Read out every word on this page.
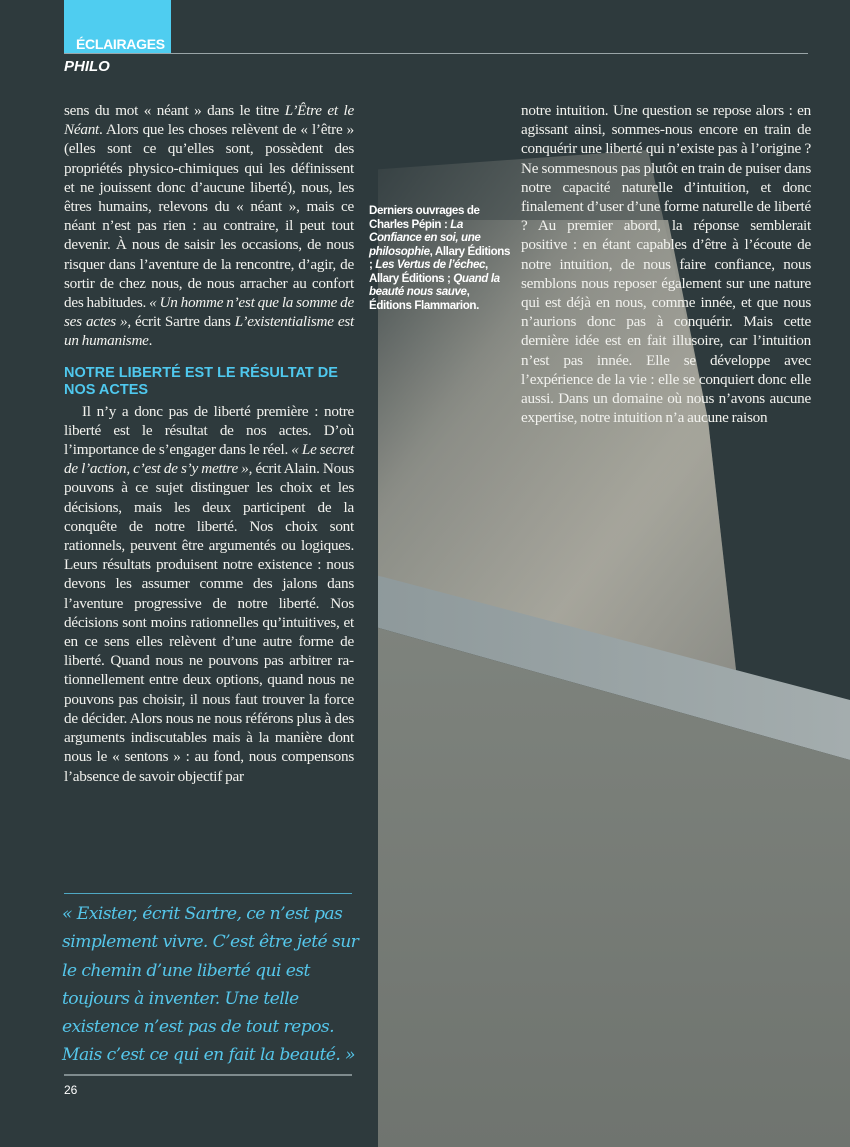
ÉCLAIRAGES
PHILO

sens du mot « néant » dans le titre L’Être et le Néant. Alors que les choses relèvent de « l’être » (elles sont ce qu’elles sont, possèdent des propriétés physico-chimiques qui les définissent et ne jouissent donc d’aucune liberté), nous, les êtres humains, relevons du « néant », mais ce néant n’est pas rien : au contraire, il peut tout devenir. À nous de saisir les occasions, de nous risquer dans l’aventure de la rencontre, d’agir, de sortir de chez nous, de nous arracher au confort des habitudes. « Un homme n’est que la somme de ses actes », écrit Sartre dans L’existentialisme est un humanisme.

NOTRE LIBERTÉ EST LE RÉSULTAT DE NOS ACTES

Il n’y a donc pas de liberté première : notre liberté est le résultat de nos actes. D’où l’importance de s’engager dans le réel. « Le secret de l’action, c’est de s’y mettre », écrit Alain. Nous pouvons à ce sujet distinguer les choix et les décisions, mais les deux participent de la conquête de notre liberté. Nos choix sont rationnels, peuvent être argumentés ou logiques. Leurs résultats produisent notre existence : nous devons les assumer comme des jalons dans l’aventure progressive de notre liberté. Nos décisions sont moins rationnelles qu’intuitives, et en ce sens elles relèvent d’une autre forme de liberté. Quand nous ne pouvons pas arbitrer rationnellement entre deux options, quand nous ne pouvons pas choisir, il nous faut trouver la force de décider. Alors nous ne nous référons plus à des arguments indiscutables mais à la manière dont nous le « sentons » : au fond, nous compensons l’absence de savoir objectif par

Derniers ouvrages de Charles Pépin : La Confiance en soi, une philosophie, Allary Éditions ; Les Vertus de l’échec, Allary Éditions ; Quand la beauté nous sauve, Éditions Flammarion.

notre intuition. Une question se repose alors : en agissant ainsi, sommes-nous encore en train de conquérir une liberté qui n’existe pas à l’origine ? Ne sommesnous pas plutôt en train de puiser dans notre capacité naturelle d’intuition, et donc finalement d’user d’une forme naturelle de liberté ? Au premier abord, la réponse semblerait positive : en étant capables d’être à l’écoute de notre intuition, de nous faire confiance, nous semblons nous reposer également sur une nature qui est déjà en nous, comme innée, et que nous n’aurions donc pas à conquérir. Mais cette dernière idée est en fait illusoire, car l’intuition n’est pas innée. Elle se développe avec l’expérience de la vie : elle se conquiert donc elle aussi. Dans un domaine où nous n’avons aucune expertise, notre intuition n’a aucune raison

« Exister, écrit Sartre, ce n’est pas simplement vivre. C’est être jeté sur le chemin d’une liberté qui est toujours à inventer. Une telle existence n’est pas de tout repos. Mais c’est ce qui en fait la beauté. »
26
